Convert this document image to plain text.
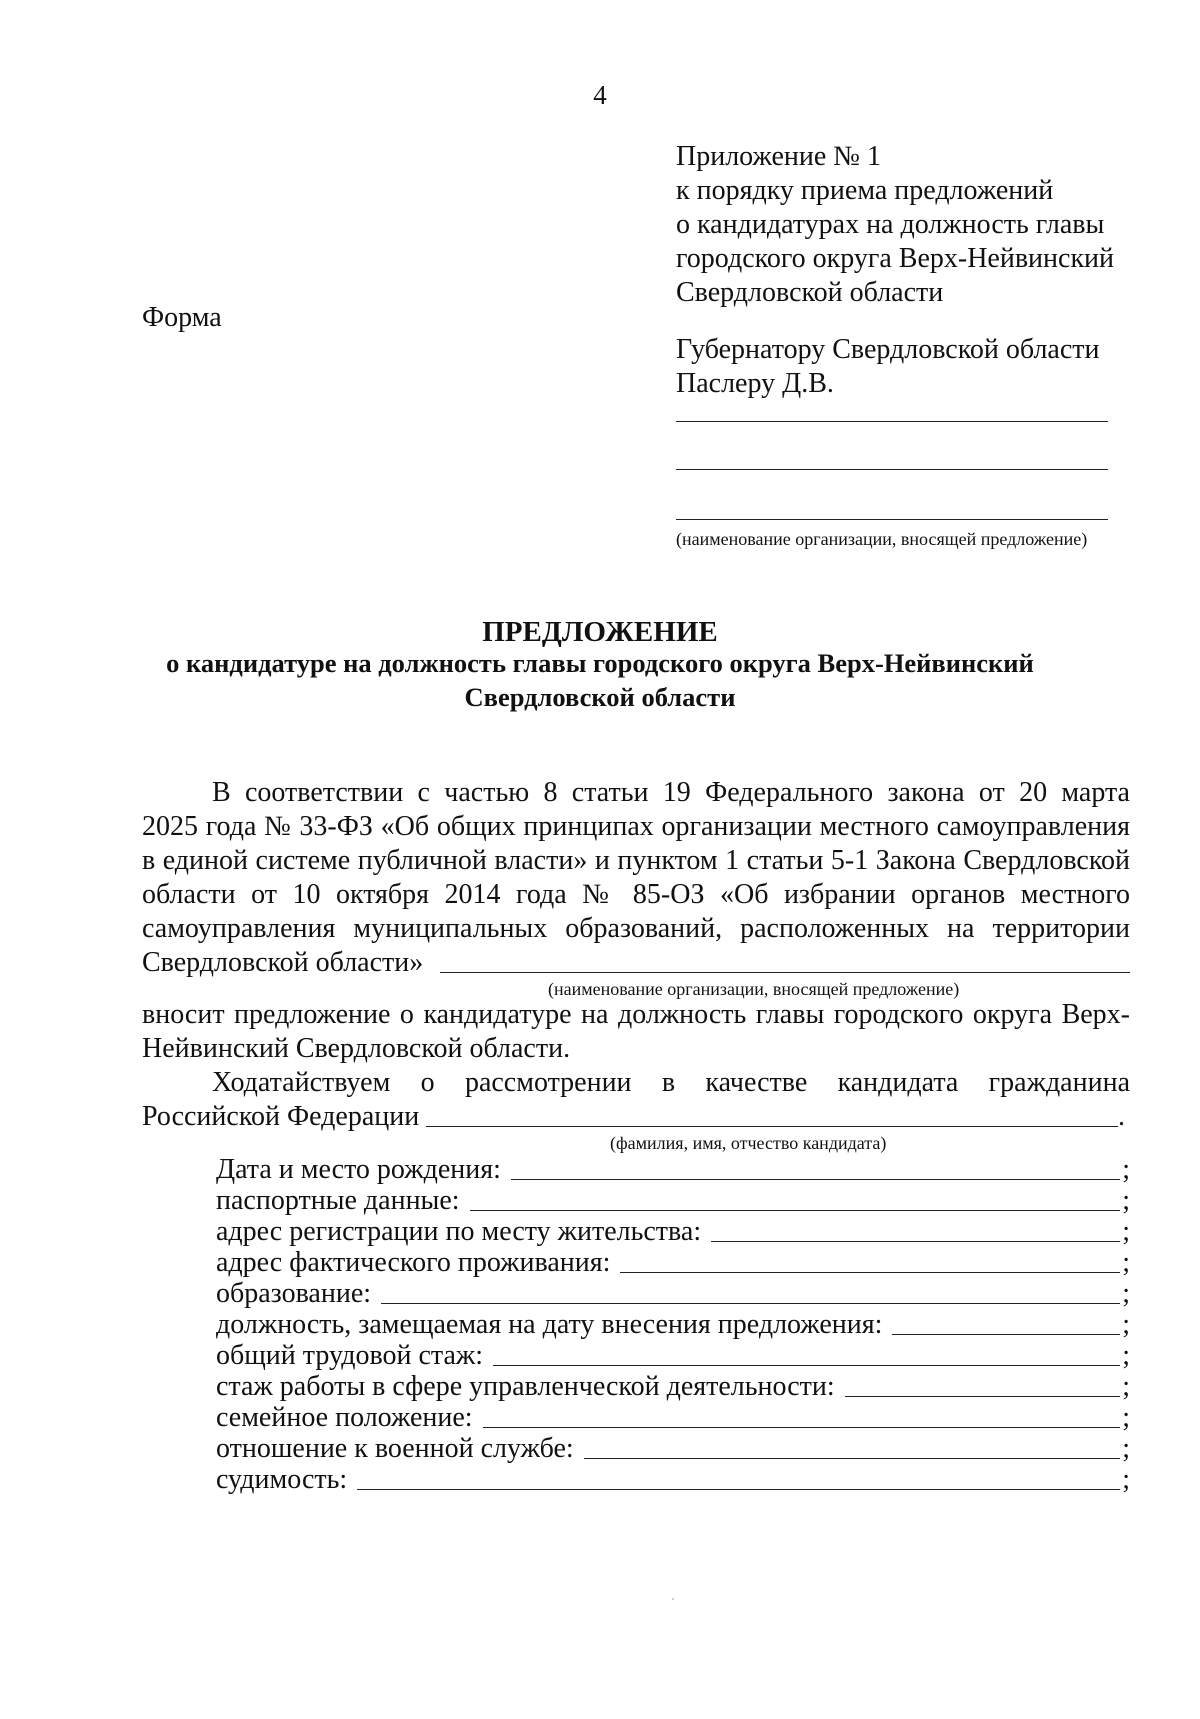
4
Приложение № 1
к порядку приема предложений
о кандидатурах на должность главы
городского округа Верх-Нейвинский
Свердловской области
Форма
Губернатору Свердловской области
Паслеру Д.В.
(наименование организации, вносящей предложение)
ПРЕДЛОЖЕНИЕ
о кандидатуре на должность главы городского округа Верх-Нейвинский
Свердловской области
В соответствии с частью 8 статьи 19 Федерального закона от 20 марта
2025 года № 33-ФЗ «Об общих принципах организации местного самоуправления
в единой системе публичной власти» и пунктом 1 статьи 5-1 Закона Свердловской
области от 10 октября 2014 года № 85-ОЗ «Об избрании органов местного
самоуправления муниципальных образований, расположенных на территории
Свердловской области»
(наименование организации, вносящей предложение)
вносит предложение о кандидатуре на должность главы городского округа Верх-
Нейвинский Свердловской области.
Ходатайствуем о рассмотрении в качестве кандидата гражданина
Российской Федерации	.
(фамилия, имя, отчество кандидата)
Дата и место рождения:	;
паспортные данные:	;
адрес регистрации по месту жительства:	;
адрес фактического проживания:	;
образование:	;
должность, замещаемая на дату внесения предложения:	;
общий трудовой стаж:	;
стаж работы в сфере управленческой деятельности:	;
семейное положение:	;
отношение к военной службе:	;
судимость:	;
